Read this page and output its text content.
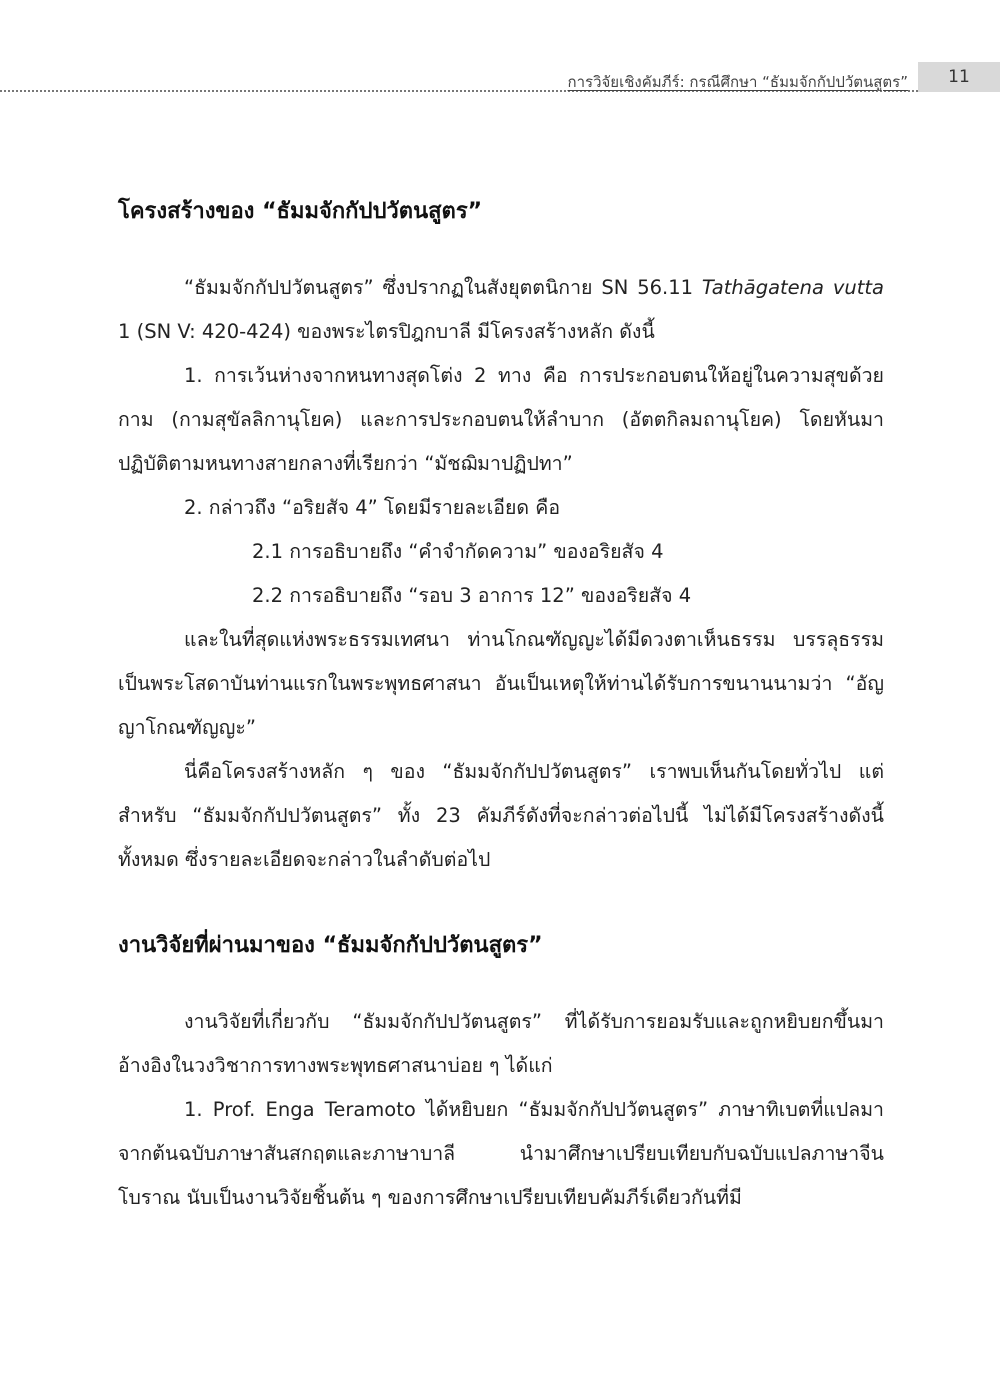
การวิจัยเชิงคัมภีร์: กรณีศึกษา “ธัมมจักกัปปวัตนสูตร”	11
โครงสร้างของ “ธัมมจักกัปปวัตนสูตร”

“ธัมมจักกัปปวัตนสูตร” ซึ่งปรากฏในสังยุตตนิกาย SN 56.11 Tathāgatena vutta 1 (SN V: 420-424) ของพระไตรปิฎกบาลี มีโครงสร้างหลัก ดังนี้

1. การเว้นห่างจากหนทางสุดโต่ง 2 ทาง คือ การประกอบตนให้อยู่ในความสุขด้วยกาม (กามสุขัลลิกานุโยค) และการประกอบตนให้ลำบาก (อัตตกิลมถานุโยค) โดยหันมาปฏิบัติตามหนทางสายกลางที่เรียกว่า “มัชฌิมาปฏิปทา”

2. กล่าวถึง “อริยสัจ 4” โดยมีรายละเอียด คือ

2.1 การอธิบายถึง “คำจำกัดความ” ของอริยสัจ 4

2.2 การอธิบายถึง “รอบ 3 อาการ 12” ของอริยสัจ 4

และในที่สุดแห่งพระธรรมเทศนา ท่านโกณฑัญญะได้มีดวงตาเห็นธรรม บรรลุธรรมเป็นพระโสดาบันท่านแรกในพระพุทธศาสนา อันเป็นเหตุให้ท่านได้รับการขนานนามว่า “อัญญาโกณฑัญญะ”

นี่คือโครงสร้างหลัก ๆ ของ “ธัมมจักกัปปวัตนสูตร” เราพบเห็นกันโดยทั่วไป แต่สำหรับ “ธัมมจักกัปปวัตนสูตร” ทั้ง 23 คัมภีร์ดังที่จะกล่าวต่อไปนี้ ไม่ได้มีโครงสร้างดังนี้ทั้งหมด ซึ่งรายละเอียดจะกล่าวในลำดับต่อไป

งานวิจัยที่ผ่านมาของ “ธัมมจักกัปปวัตนสูตร”

งานวิจัยที่เกี่ยวกับ “ธัมมจักกัปปวัตนสูตร” ที่ได้รับการยอมรับและถูกหยิบยกขึ้นมาอ้างอิงในวงวิชาการทางพระพุทธศาสนาบ่อย ๆ ได้แก่

1. Prof. Enga Teramoto ได้หยิบยก “ธัมมจักกัปปวัตนสูตร” ภาษาทิเบตที่แปลมาจากต้นฉบับภาษาสันสกฤตและภาษาบาลี นำมาศึกษาเปรียบเทียบกับฉบับแปลภาษาจีนโบราณ นับเป็นงานวิจัยชิ้นต้น ๆ ของการศึกษาเปรียบเทียบคัมภีร์เดียวกันที่มี
